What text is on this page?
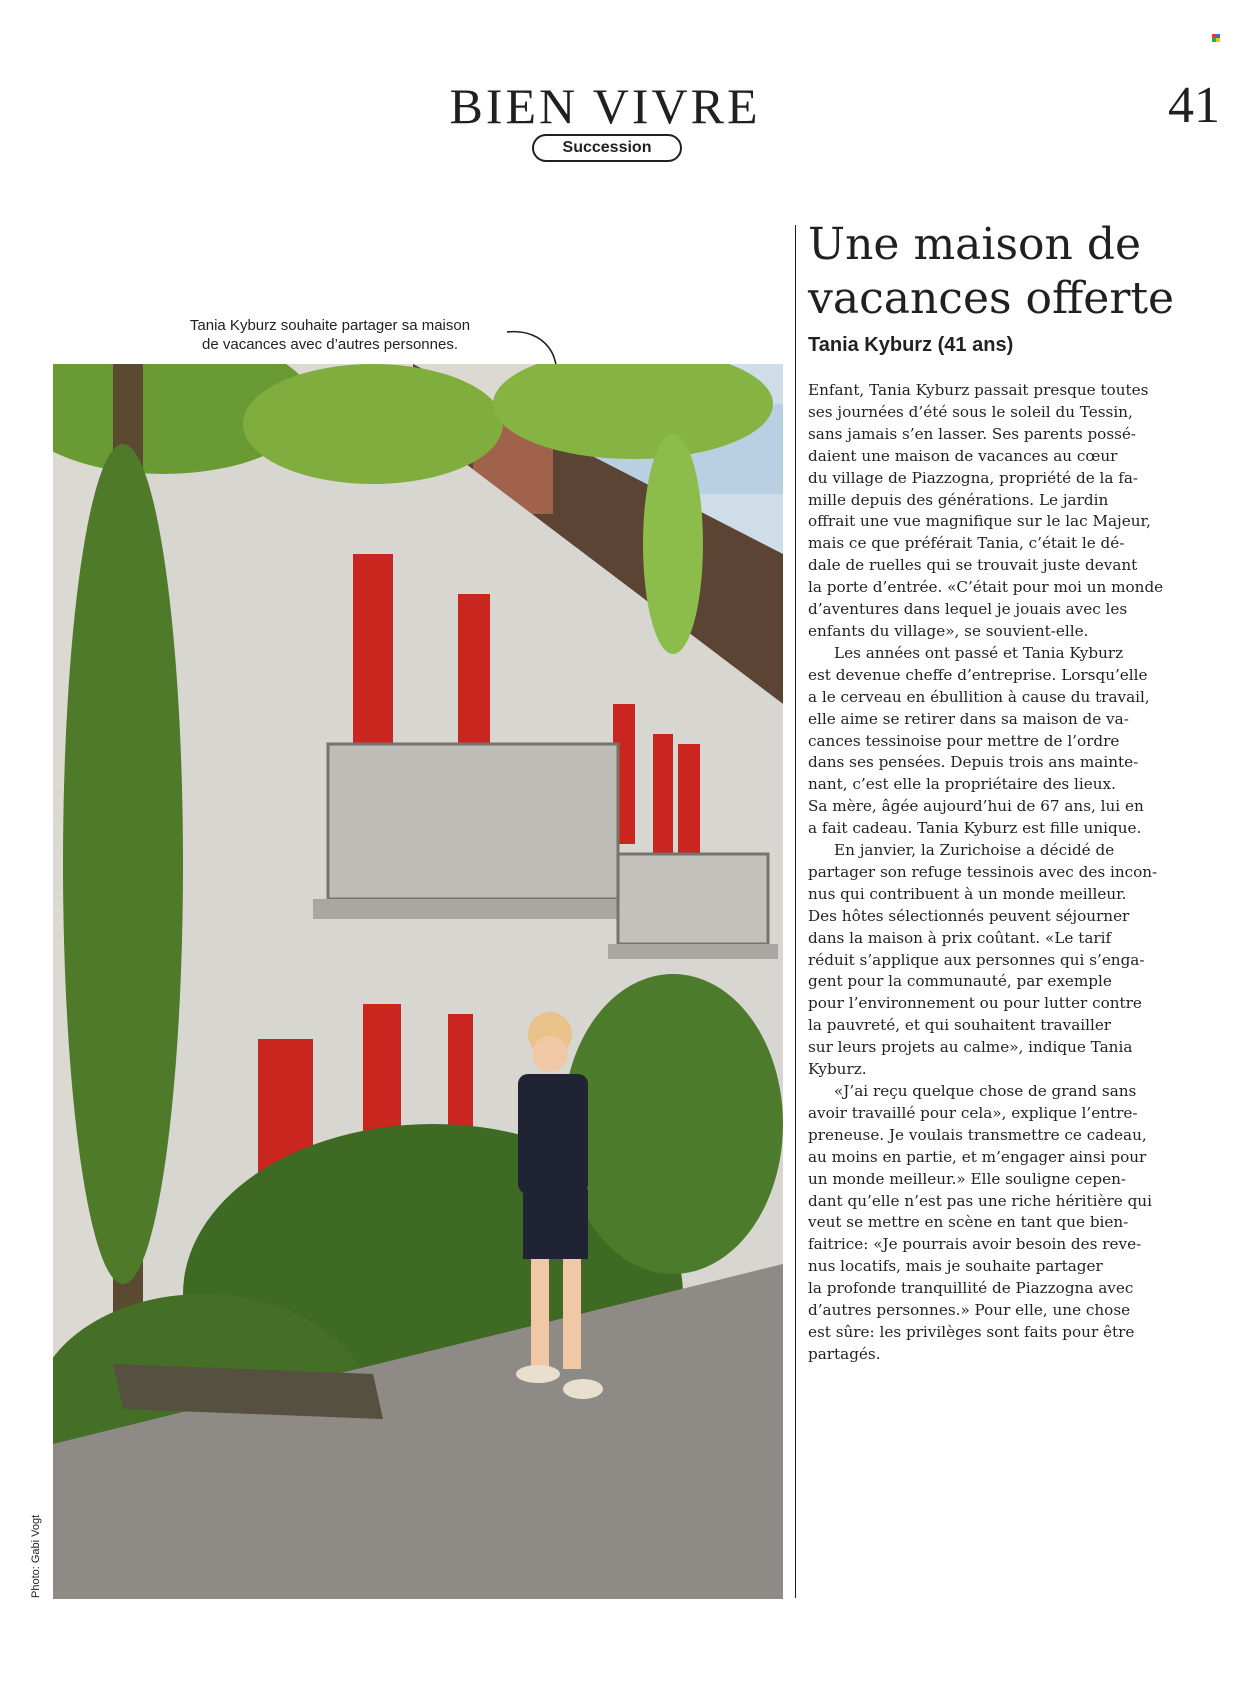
BIEN VIVRE	41
Succession
Tania Kyburz souhaite partager sa maison
de vacances avec d’autres personnes.
Photo: Gabi Vogt
Une maison de
vacances offerte
Tania Kyburz (41 ans)
Enfant, Tania Kyburz passait presque toutes
ses journées d’été sous le soleil du Tessin,
sans jamais s’en lasser. Ses parents possé-
daient une maison de vacances au cœur
du village de Piazzogna, propriété de la fa-
mille depuis des générations. Le jardin
offrait une vue magnifique sur le lac Majeur,
mais ce que préférait Tania, c’était le dé-
dale de ruelles qui se trouvait juste devant
la porte d’entrée. «C’était pour moi un monde
d’aventures dans lequel je jouais avec les
enfants du village», se souvient-elle.
Les années ont passé et Tania Kyburz
est devenue cheffe d’entreprise. Lorsqu’elle
a le cerveau en ébullition à cause du travail,
elle aime se retirer dans sa maison de va-
cances tessinoise pour mettre de l’ordre
dans ses pensées. Depuis trois ans mainte-
nant, c’est elle la propriétaire des lieux.
Sa mère, âgée aujourd’hui de 67 ans, lui en
a fait cadeau. Tania Kyburz est fille unique.
En janvier, la Zurichoise a décidé de
partager son refuge tessinois avec des incon-
nus qui contribuent à un monde meilleur.
Des hôtes sélectionnés peuvent séjourner
dans la maison à prix coûtant. «Le tarif
réduit s’applique aux personnes qui s’enga-
gent pour la communauté, par exemple
pour l’environnement ou pour lutter contre
la pauvreté, et qui souhaitent travailler
sur leurs projets au calme», indique Tania
Kyburz.
«J’ai reçu quelque chose de grand sans
avoir travaillé pour cela», explique l’entre-
preneuse. Je voulais transmettre ce cadeau,
au moins en partie, et m’engager ainsi pour
un monde meilleur.» Elle souligne cepen-
dant qu’elle n’est pas une riche héritière qui
veut se mettre en scène en tant que bien-
faitrice: «Je pourrais avoir besoin des reve-
nus locatifs, mais je souhaite partager
la profonde tranquillité de Piazzogna avec
d’autres personnes.» Pour elle, une chose
est sûre: les privilèges sont faits pour être
partagés.
